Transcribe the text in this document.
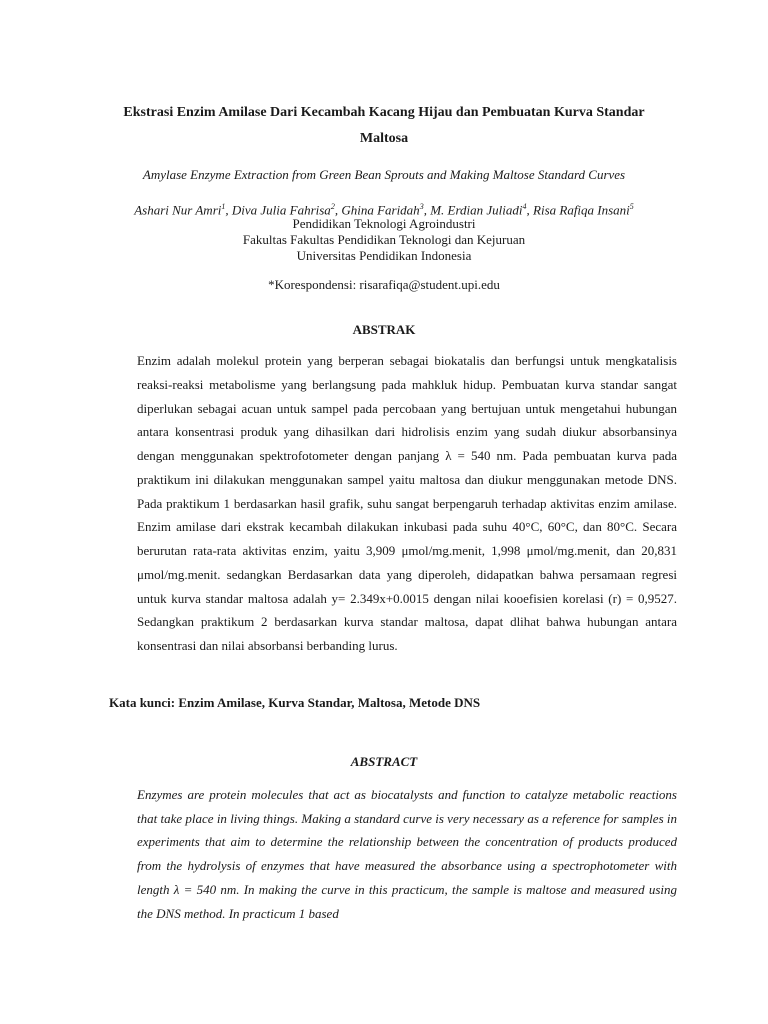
Ekstrasi Enzim Amilase Dari Kecambah Kacang Hijau dan Pembuatan Kurva Standar Maltosa
Amylase Enzyme Extraction from Green Bean Sprouts and Making Maltose Standard Curves
Ashari Nur Amri$^1$, Diva Julia Fahrisa$^2$, Ghina Faridah$^3$, M. Erdian Juliadi$^4$, Risa Rafiqa Insani$^5$
Pendidikan Teknologi Agroindustri
Fakultas Fakultas Pendidikan Teknologi dan Kejuruan
Universitas Pendidikan Indonesia
*Korespondensi: risarafiqa@student.upi.edu
ABSTRAK
Enzim adalah molekul protein yang berperan sebagai biokatalis dan berfungsi untuk mengkatalisis reaksi-reaksi metabolisme yang berlangsung pada mahkluk hidup. Pembuatan kurva standar sangat diperlukan sebagai acuan untuk sampel pada percobaan yang bertujuan untuk mengetahui hubungan antara konsentrasi produk yang dihasilkan dari hidrolisis enzim yang sudah diukur absorbansinya dengan menggunakan spektrofotometer dengan panjang λ = 540 nm. Pada pembuatan kurva pada praktikum ini dilakukan menggunakan sampel yaitu maltosa dan diukur menggunakan metode DNS. Pada praktikum 1 berdasarkan hasil grafik, suhu sangat berpengaruh terhadap aktivitas enzim amilase. Enzim amilase dari ekstrak kecambah dilakukan inkubasi pada suhu 40°C, 60°C, dan 80°C. Secara berurutan rata-rata aktivitas enzim, yaitu 3,909 μmol/mg.menit, 1,998 μmol/mg.menit, dan 20,831 μmol/mg.menit. sedangkan Berdasarkan data yang diperoleh, didapatkan bahwa persamaan regresi untuk kurva standar maltosa adalah y= 2.349x+0.0015 dengan nilai kooefisien korelasi (r) = 0,9527. Sedangkan praktikum 2 berdasarkan kurva standar maltosa, dapat dlihat bahwa hubungan antara konsentrasi dan nilai absorbansi berbanding lurus.
Kata kunci: Enzim Amilase, Kurva Standar, Maltosa, Metode DNS
ABSTRACT
Enzymes are protein molecules that act as biocatalysts and function to catalyze metabolic reactions that take place in living things. Making a standard curve is very necessary as a reference for samples in experiments that aim to determine the relationship between the concentration of products produced from the hydrolysis of enzymes that have measured the absorbance using a spectrophotometer with length λ = 540 nm. In making the curve in this practicum, the sample is maltose and measured using the DNS method. In practicum 1 based
